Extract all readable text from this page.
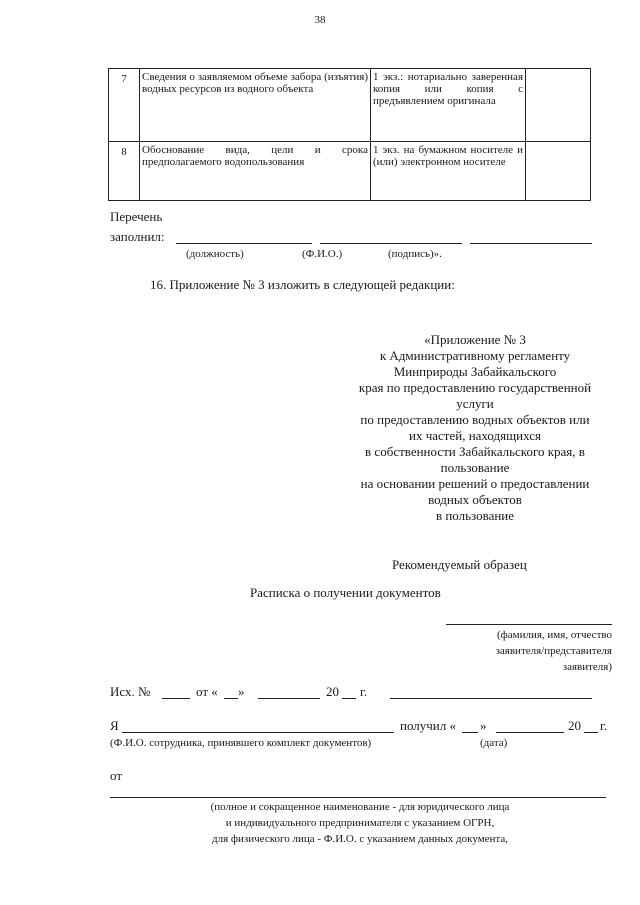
38
7	Сведения о заявляемом объеме забора (изъятия) водных ресурсов из водного объекта	1 экз.: нотариально заверенная копия или копия с предъявлением оригинала	
8	Обоснование вида, цели и срока предполагаемого водопользования	1 экз. на бумажном носителе и (или) электронном носителе	
Перечень
заполнил:
(должность)	(Ф.И.О.)	(подпись)».
16. Приложение № 3 изложить в следующей редакции:
«Приложение № 3
к Административному регламенту
Минприроды Забайкальского
края по предоставлению государственной
услуги
по предоставлению водных объектов или
их частей, находящихся
в собственности Забайкальского края, в
пользование
на основании решений о предоставлении
водных объектов
в пользование
Рекомендуемый образец
Расписка о получении документов
(фамилия, имя, отчество
заявителя/представителя
заявителя)
Исх. №	от « »	20 г.
Я	получил « »	20 г.
(Ф.И.О. сотрудника, принявшего комплект документов)	(дата)
от
(полное и сокращенное наименование - для юридического лица
и индивидуального предпринимателя с указанием ОГРН,
для физического лица - Ф.И.О. с указанием данных документа,
